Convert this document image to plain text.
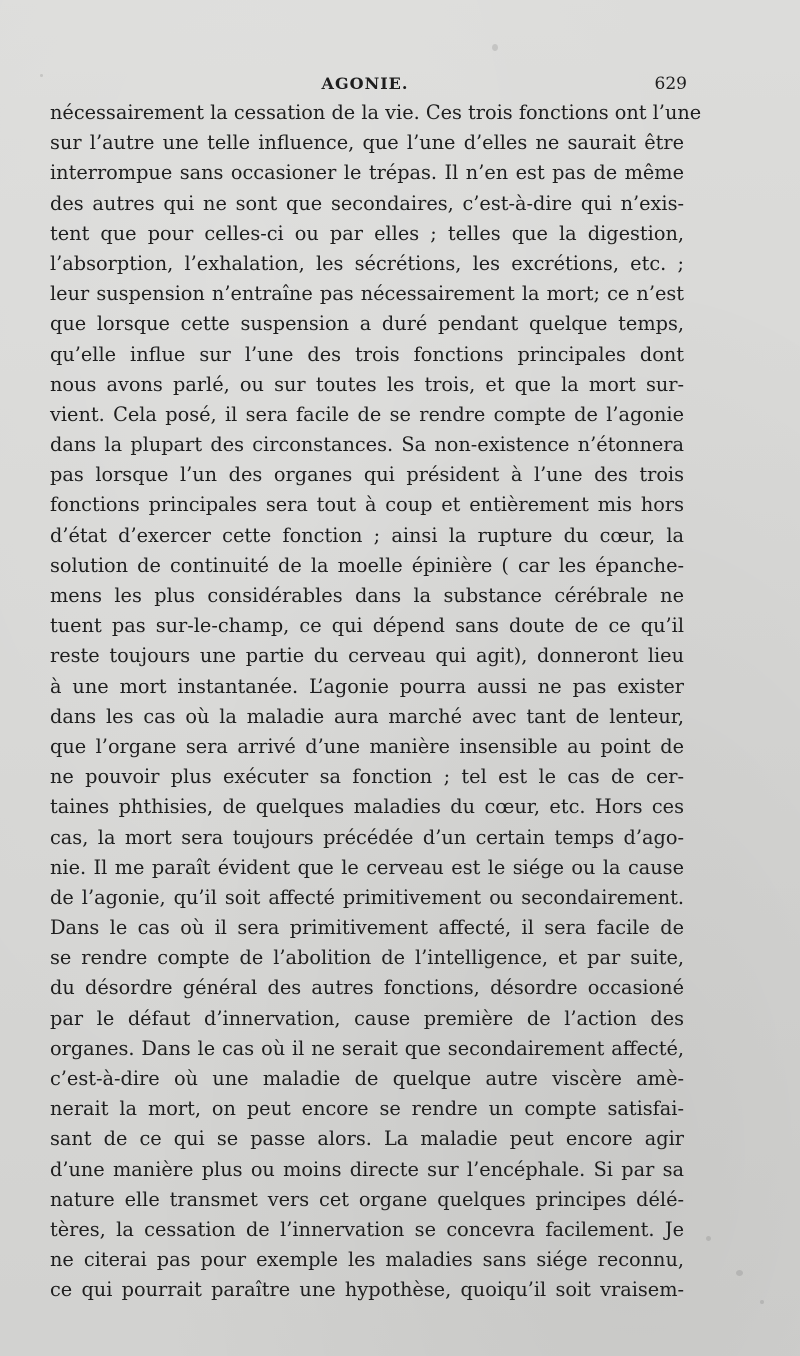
AGONIE.	629
nécessairement la cessation de la vie. Ces trois fonctions ont l’une
sur l’autre une telle influence, que l’une d’elles ne saurait être
interrompue sans occasioner le trépas. Il n’en est pas de même
des autres qui ne sont que secondaires, c’est-à-dire qui n’exis-
tent que pour celles-ci ou par elles ; telles que la digestion,
l’absorption, l’exhalation, les sécrétions, les excrétions, etc. ;
leur suspension n’entraîne pas nécessairement la mort; ce n’est
que lorsque cette suspension a duré pendant quelque temps,
qu’elle influe sur l’une des trois fonctions principales dont
nous avons parlé, ou sur toutes les trois, et que la mort sur-
vient. Cela posé, il sera facile de se rendre compte de l’agonie
dans la plupart des circonstances. Sa non-existence n’étonnera
pas lorsque l’un des organes qui président à l’une des trois
fonctions principales sera tout à coup et entièrement mis hors
d’état d’exercer cette fonction ; ainsi la rupture du cœur, la
solution de continuité de la moelle épinière ( car les épanche-
mens les plus considérables dans la substance cérébrale ne
tuent pas sur-le-champ, ce qui dépend sans doute de ce qu’il
reste toujours une partie du cerveau qui agit), donneront lieu
à une mort instantanée. L’agonie pourra aussi ne pas exister
dans les cas où la maladie aura marché avec tant de lenteur,
que l’organe sera arrivé d’une manière insensible au point de
ne pouvoir plus exécuter sa fonction ; tel est le cas de cer-
taines phthisies, de quelques maladies du cœur, etc. Hors ces
cas, la mort sera toujours précédée d’un certain temps d’ago-
nie. Il me paraît évident que le cerveau est le siége ou la cause
de l’agonie, qu’il soit affecté primitivement ou secondairement.
Dans le cas où il sera primitivement affecté, il sera facile de
se rendre compte de l’abolition de l’intelligence, et par suite,
du désordre général des autres fonctions, désordre occasioné
par le défaut d’innervation, cause première de l’action des
organes. Dans le cas où il ne serait que secondairement affecté,
c’est-à-dire où une maladie de quelque autre viscère amè-
nerait la mort, on peut encore se rendre un compte satisfai-
sant de ce qui se passe alors. La maladie peut encore agir
d’une manière plus ou moins directe sur l’encéphale. Si par sa
nature elle transmet vers cet organe quelques principes délé-
tères, la cessation de l’innervation se concevra facilement. Je
ne citerai pas pour exemple les maladies sans siége reconnu,
ce qui pourrait paraître une hypothèse, quoiqu’il soit vraisem-
